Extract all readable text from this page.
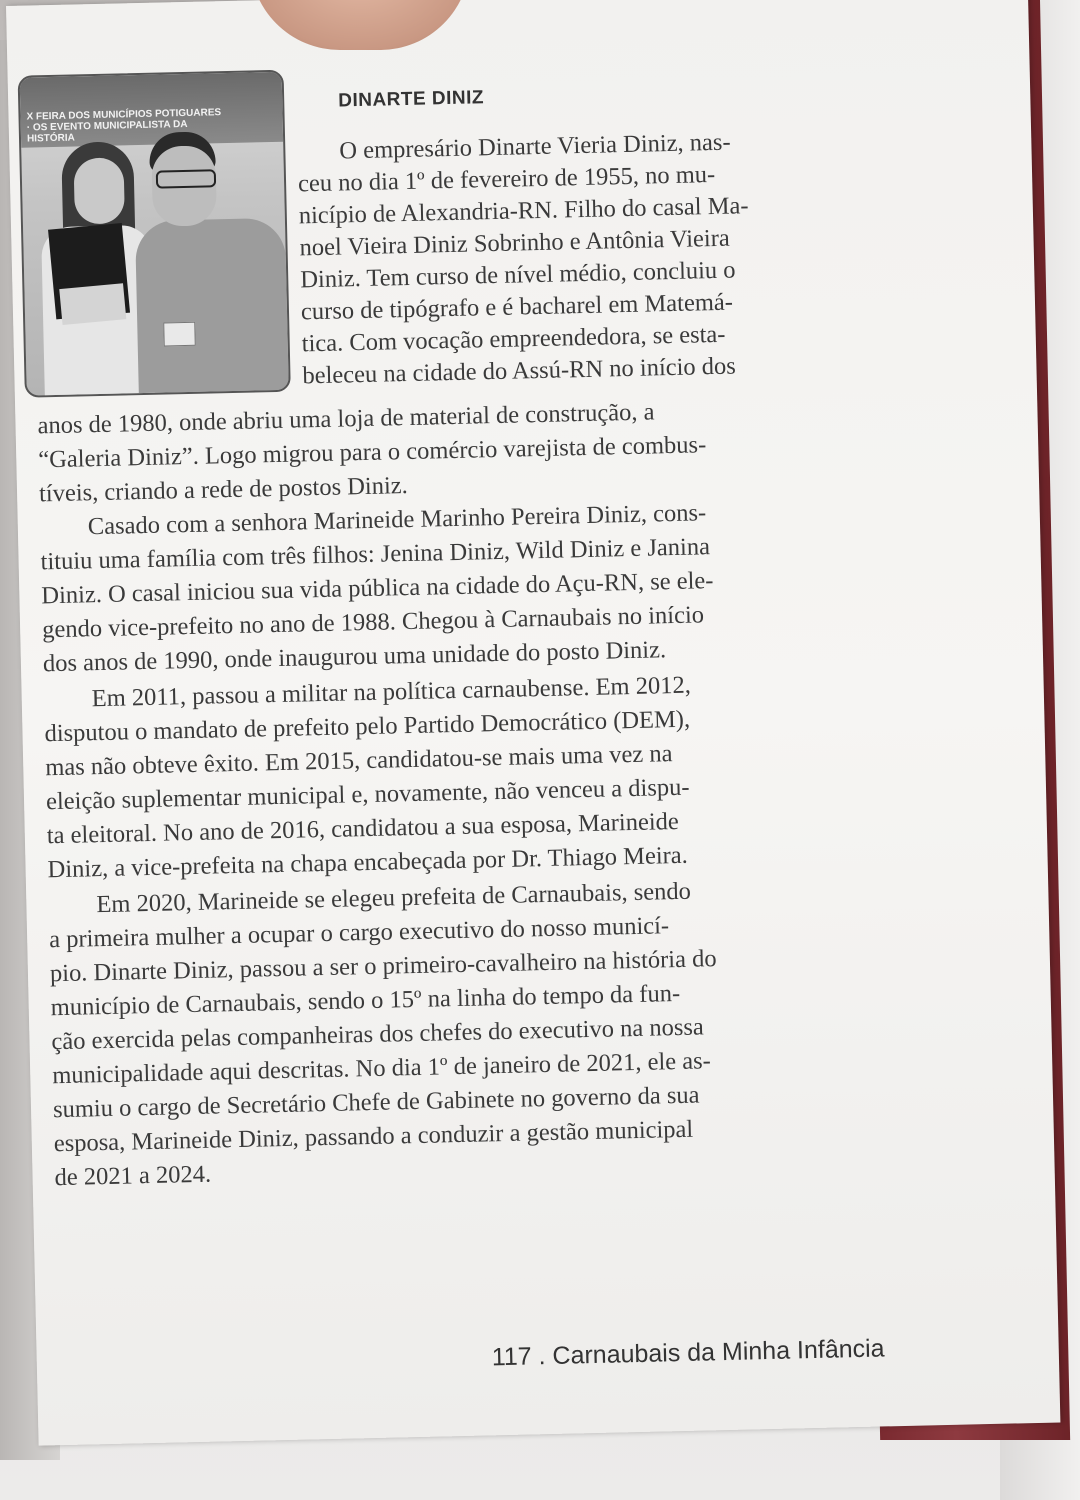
X FEIRA DOS MUNICÍPIOS POTIGUARES · OS EVENTO MUNICIPALISTA DA HISTÓRIA
DINARTE DINIZ

O empresário Dinarte Vieria Diniz, nas-

ceu no dia 1º de fevereiro de 1955, no mu-

nicípio de Alexandria-RN. Filho do casal Ma-

noel Vieira Diniz Sobrinho e Antônia Vieira

Diniz. Tem curso de nível médio, concluiu o

curso de tipógrafo e é bacharel em Matemá-

tica. Com vocação empreendedora, se esta-

beleceu na cidade do Assú-RN no início dos

anos de 1980, onde abriu uma loja de material de construção, a

“Galeria Diniz”. Logo migrou para o comércio varejista de combus-

tíveis, criando a rede de postos Diniz.

Casado com a senhora Marineide Marinho Pereira Diniz, cons-

tituiu uma família com três filhos: Jenina Diniz, Wild Diniz e Janina

Diniz. O casal iniciou sua vida pública na cidade do Açu-RN, se ele-

gendo vice-prefeito no ano de 1988. Chegou à Carnaubais no início

dos anos de 1990, onde inaugurou uma unidade do posto Diniz.

Em 2011, passou a militar na política carnaubense. Em 2012,

disputou o mandato de prefeito pelo Partido Democrático (DEM),

mas não obteve êxito. Em 2015, candidatou-se mais uma vez na

eleição suplementar municipal e, novamente, não venceu a dispu-

ta eleitoral. No ano de 2016, candidatou a sua esposa, Marineide

Diniz, a vice-prefeita na chapa encabeçada por Dr. Thiago Meira.

Em 2020, Marineide se elegeu prefeita de Carnaubais, sendo

a primeira mulher a ocupar o cargo executivo do nosso municí-

pio. Dinarte Diniz, passou a ser o primeiro-cavalheiro na história do

município de Carnaubais, sendo o 15º na linha do tempo da fun-

ção exercida pelas companheiras dos chefes do executivo na nossa

municipalidade aqui descritas. No dia 1º de janeiro de 2021, ele as-

sumiu o cargo de Secretário Chefe de Gabinete no governo da sua

esposa, Marineide Diniz, passando a conduzir a gestão municipal

de 2021 a 2024.

117 . Carnaubais da Minha Infância
